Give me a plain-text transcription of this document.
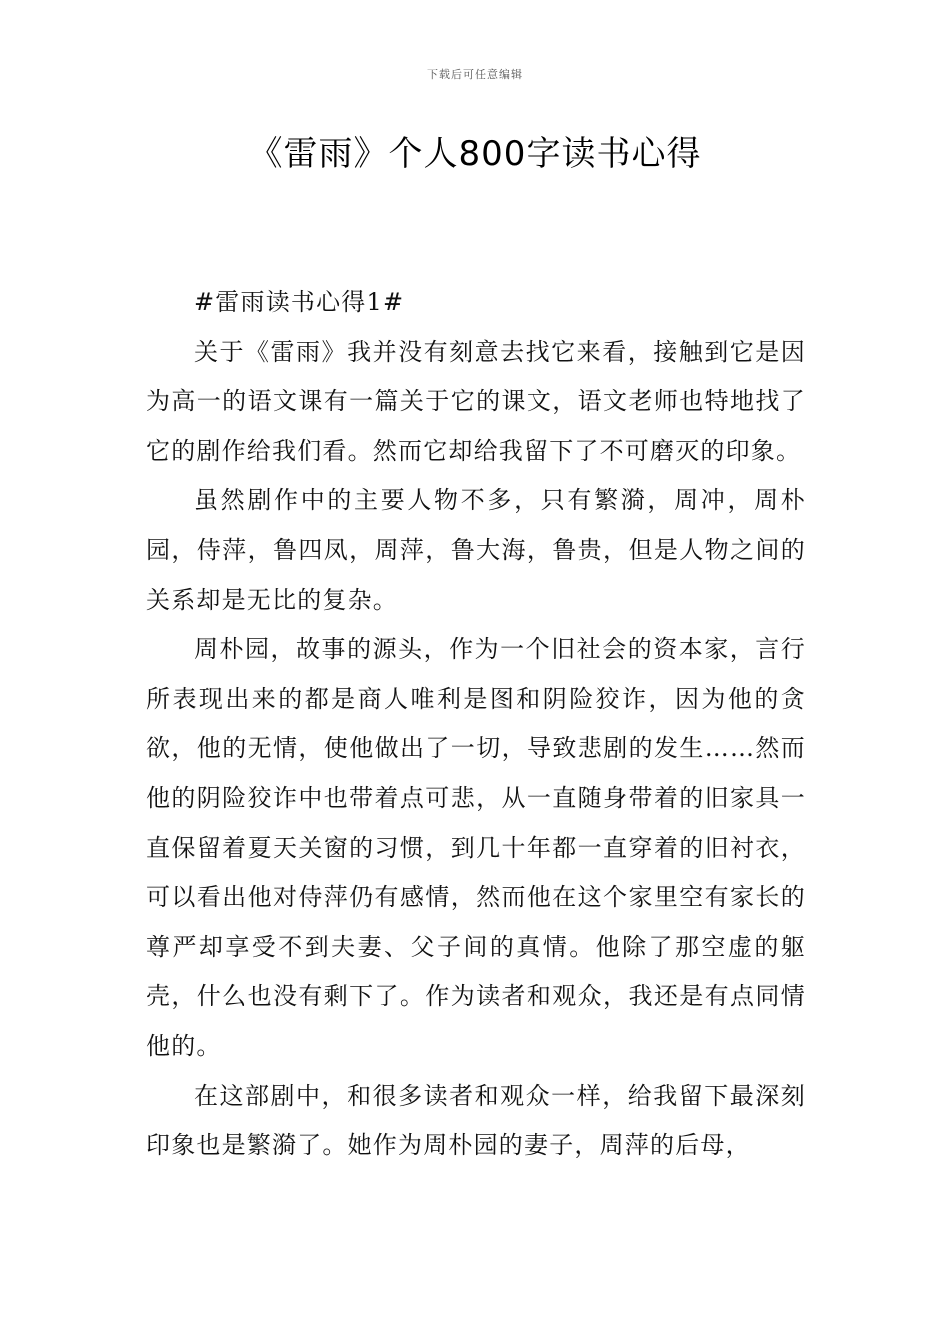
下载后可任意编辑
《雷雨》个人800字读书心得

#雷雨读书心得1#

关于《雷雨》我并没有刻意去找它来看，接触到它是因为高一的语文课有一篇关于它的课文，语文老师也特地找了它的剧作给我们看。然而它却给我留下了不可磨灭的印象。

虽然剧作中的主要人物不多，只有繁漪，周冲，周朴园，侍萍，鲁四凤，周萍，鲁大海，鲁贵，但是人物之间的关系却是无比的复杂。

周朴园，故事的源头，作为一个旧社会的资本家，言行所表现出来的都是商人唯利是图和阴险狡诈，因为他的贪欲，他的无情，使他做出了一切，导致悲剧的发生……然而他的阴险狡诈中也带着点可悲，从一直随身带着的旧家具一直保留着夏天关窗的习惯，到几十年都一直穿着的旧衬衣，可以看出他对侍萍仍有感情，然而他在这个家里空有家长的尊严却享受不到夫妻、父子间的真情。他除了那空虚的躯壳，什么也没有剩下了。作为读者和观众，我还是有点同情他的。

在这部剧中，和很多读者和观众一样，给我留下最深刻印象也是繁漪了。她作为周朴园的妻子，周萍的后母，
